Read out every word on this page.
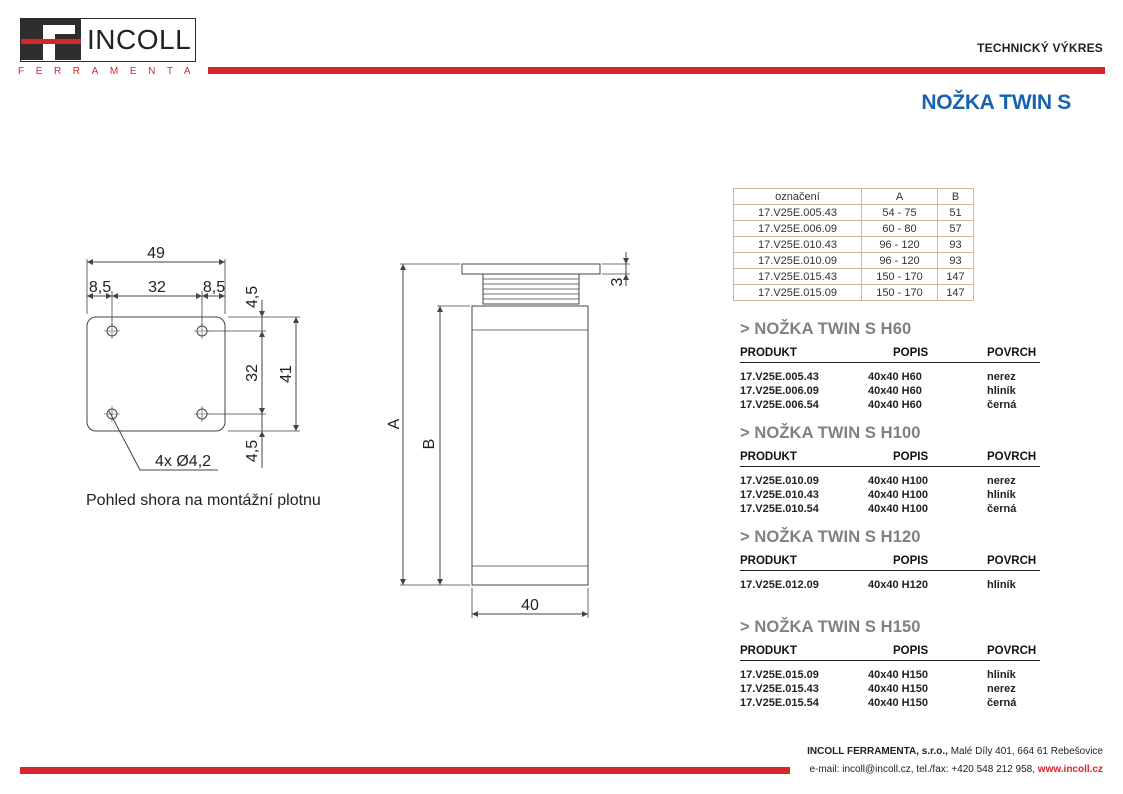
INCOLL
FERRAMENTA
TECHNICKÝ VÝKRES
NOŽKA TWIN S
49
8,5 32 8,5 4,5
32 41
4,5
4x Ø4,2
Pohled shora na montážní plotnu
A
B
3
40
označení	A	B
17.V25E.005.43	54 - 75	51
17.V25E.006.09	60 - 80	57
17.V25E.010.43	96 - 120	93
17.V25E.010.09	96 - 120	93
17.V25E.015.43	150 - 170	147
17.V25E.015.09	150 - 170	147
> NOŽKA TWIN S H60
PRODUKT	POPIS	POVRCH
17.V25E.005.43	40x40 H60	nerez
17.V25E.006.09	40x40 H60	hliník
17.V25E.006.54	40x40 H60	černá
> NOŽKA TWIN S H100
PRODUKT	POPIS	POVRCH
17.V25E.010.09	40x40 H100	nerez
17.V25E.010.43	40x40 H100	hliník
17.V25E.010.54	40x40 H100	černá
> NOŽKA TWIN S H120
PRODUKT	POPIS	POVRCH
17.V25E.012.09	40x40 H120	hliník
> NOŽKA TWIN S H150
PRODUKT	POPIS	POVRCH
17.V25E.015.09	40x40 H150	hliník
17.V25E.015.43	40x40 H150	nerez
17.V25E.015.54	40x40 H150	černá
INCOLL FERRAMENTA, s.r.o., Malé Díly 401, 664 61 Rebešovice
e-mail: incoll@incoll.cz, tel./fax: +420 548 212 958, www.incoll.cz
